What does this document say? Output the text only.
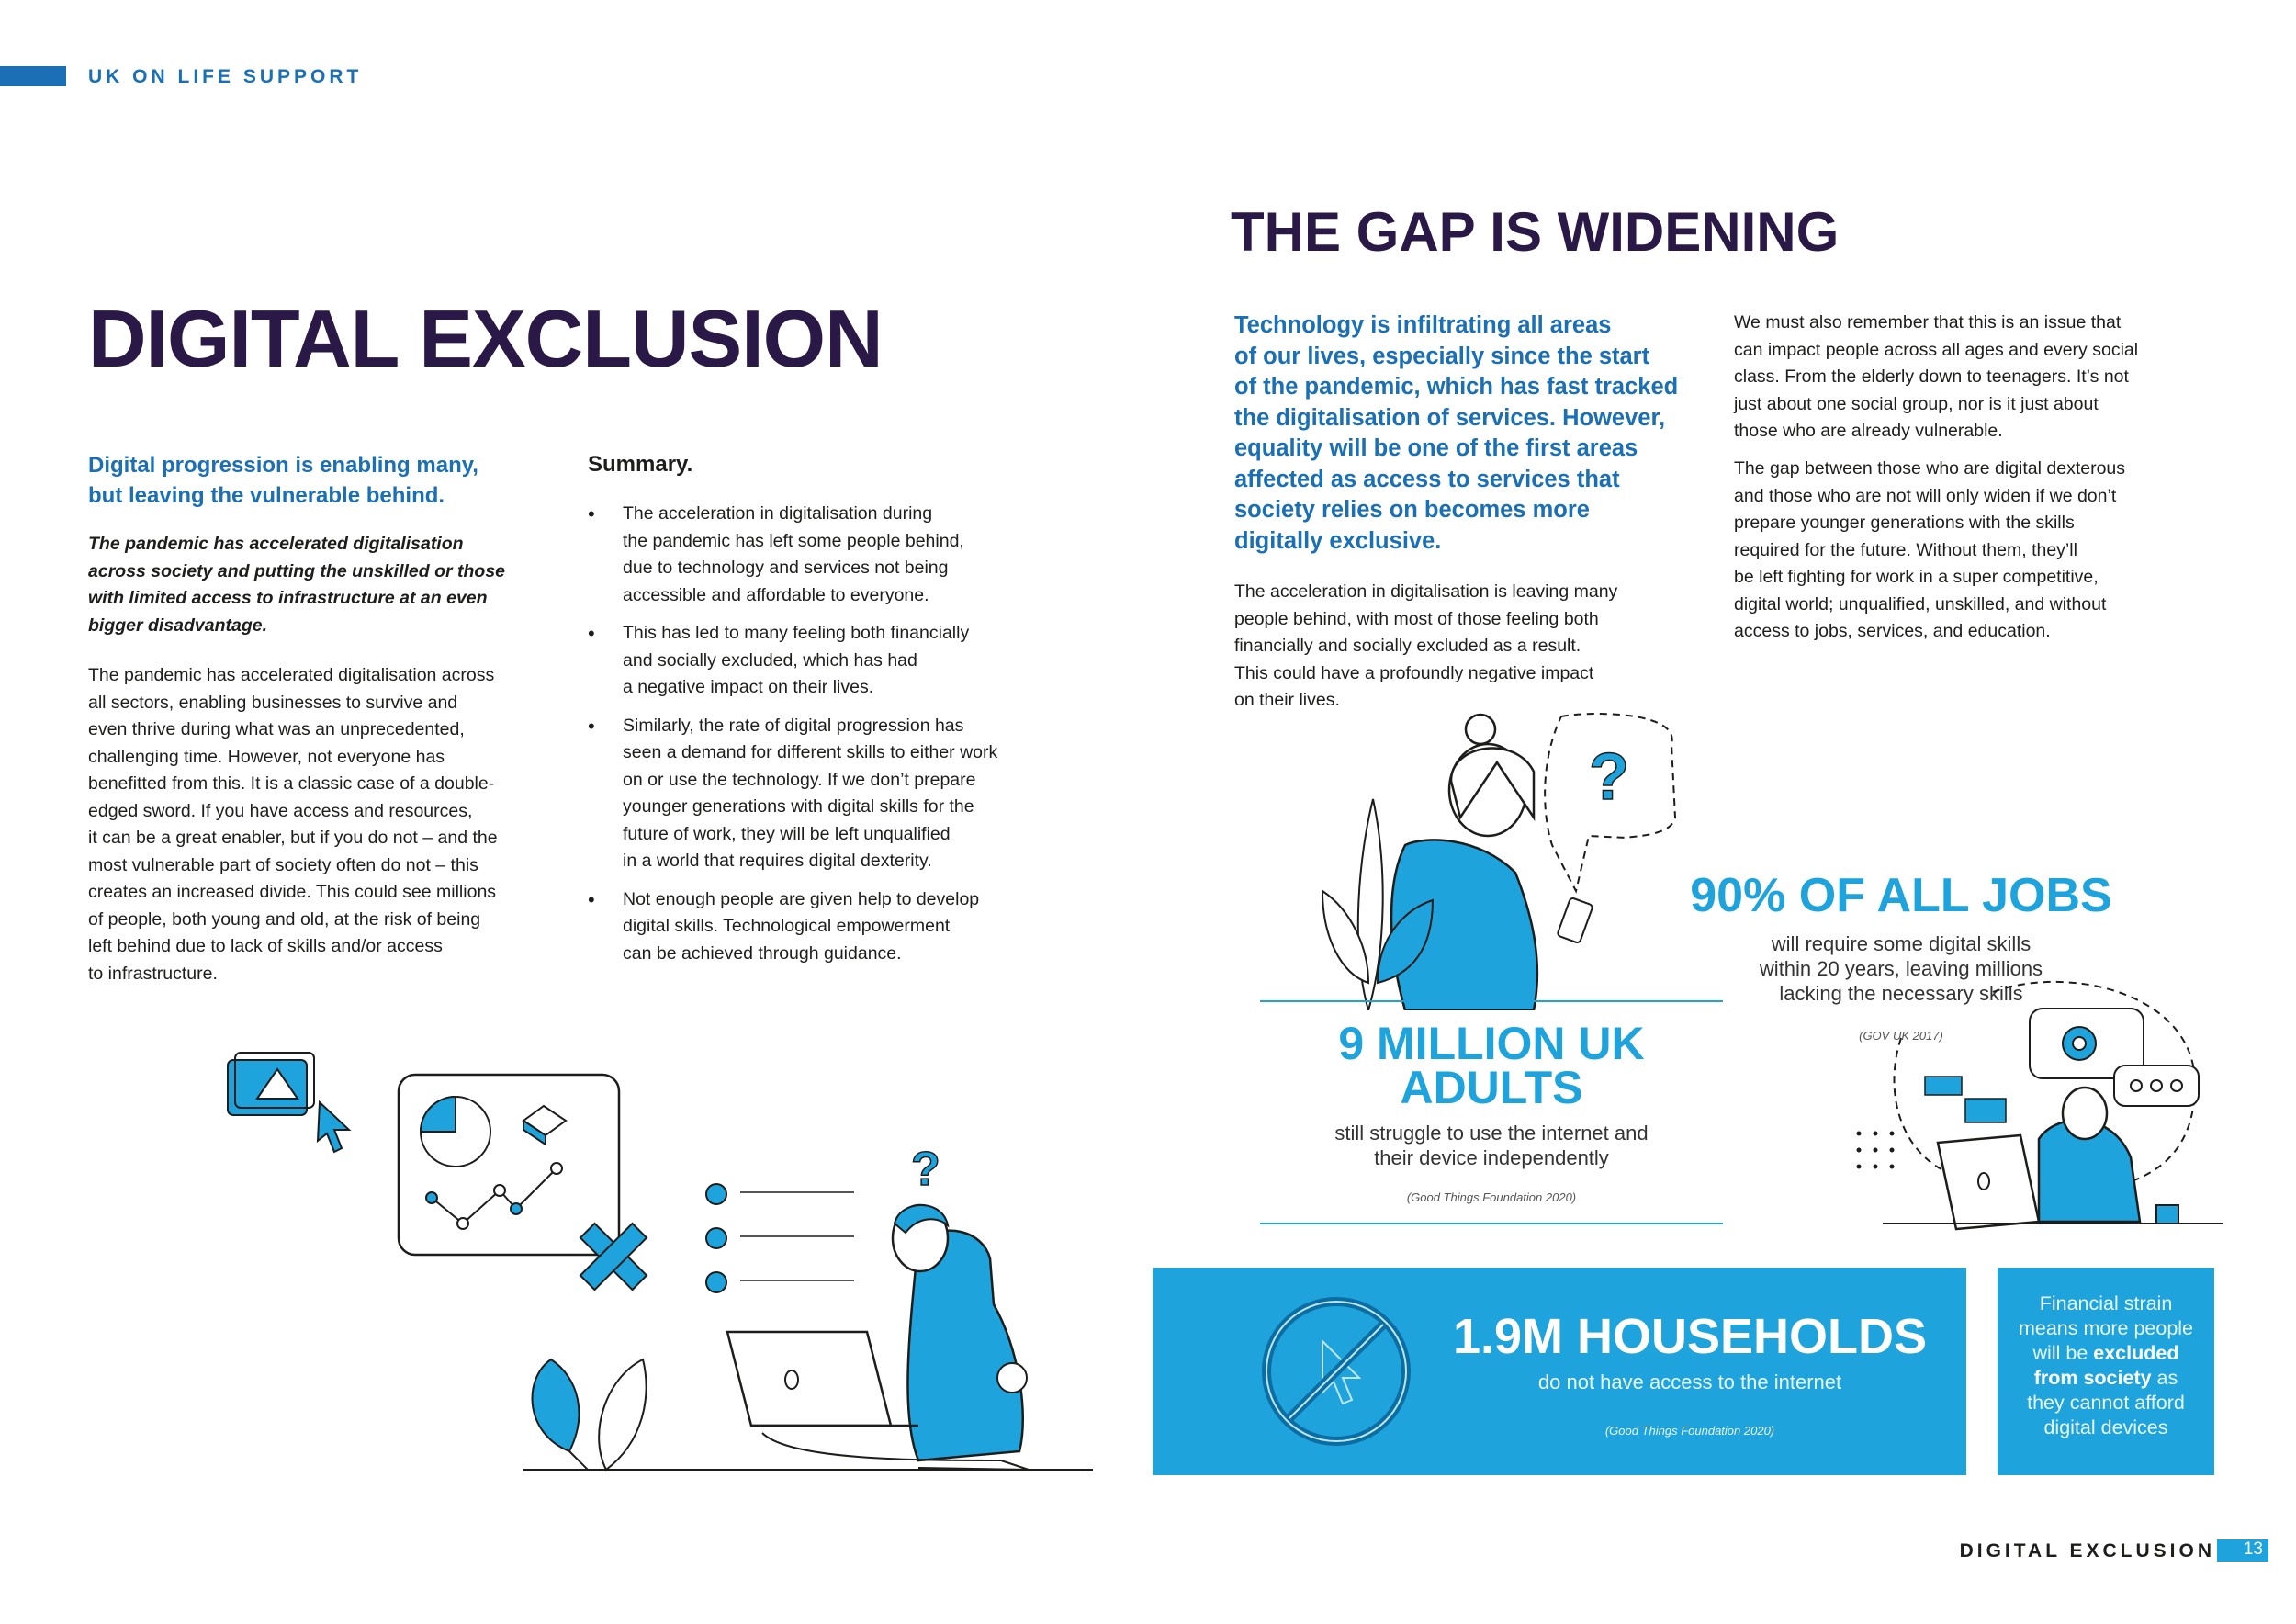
UK ON LIFE SUPPORT
DIGITAL EXCLUSION
Digital progression is enabling many,
but leaving the vulnerable behind.
The pandemic has accelerated digitalisation
across society and putting the unskilled or those
with limited access to infrastructure at an even
bigger disadvantage.
The pandemic has accelerated digitalisation across
all sectors, enabling businesses to survive and
even thrive during what was an unprecedented,
challenging time. However, not everyone has
benefitted from this. It is a classic case of a double-
edged sword. If you have access and resources,
it can be a great enabler, but if you do not – and the
most vulnerable part of society often do not – this
creates an increased divide. This could see millions
of people, both young and old, at the risk of being
left behind due to lack of skills and/or access
to infrastructure.
Summary.
• The acceleration in digitalisation during
the pandemic has left some people behind,
due to technology and services not being
accessible and affordable to everyone.
• This has led to many feeling both financially
and socially excluded, which has had
a negative impact on their lives.
• Similarly, the rate of digital progression has
seen a demand for different skills to either work
on or use the technology. If we don’t prepare
younger generations with digital skills for the
future of work, they will be left unqualified
in a world that requires digital dexterity.
• Not enough people are given help to develop
digital skills. Technological empowerment
can be achieved through guidance.
?
THE GAP IS WIDENING
Technology is infiltrating all areas
of our lives, especially since the start
of the pandemic, which has fast tracked
the digitalisation of services. However,
equality will be one of the first areas
affected as access to services that
society relies on becomes more
digitally exclusive.
The acceleration in digitalisation is leaving many
people behind, with most of those feeling both
financially and socially excluded as a result.
This could have a profoundly negative impact
on their lives.
We must also remember that this is an issue that
can impact people across all ages and every social
class. From the elderly down to teenagers. It’s not
just about one social group, nor is it just about
those who are already vulnerable.
The gap between those who are digital dexterous
and those who are not will only widen if we don’t
prepare younger generations with the skills
required for the future. Without them, they’ll
be left fighting for work in a super competitive,
digital world; unqualified, unskilled, and without
access to jobs, services, and education.
?
9 MILLION UK
ADULTS
still struggle to use the internet and
their device independently
(Good Things Foundation 2020)
90% OF ALL JOBS
will require some digital skills
within 20 years, leaving millions
lacking the necessary skills
(GOV UK 2017)
1.9M HOUSEHOLDS
do not have access to the internet
(Good Things Foundation 2020)
Financial strain
means more people
will be excluded
from society as
they cannot afford
digital devices
DIGITAL EXCLUSION	13
